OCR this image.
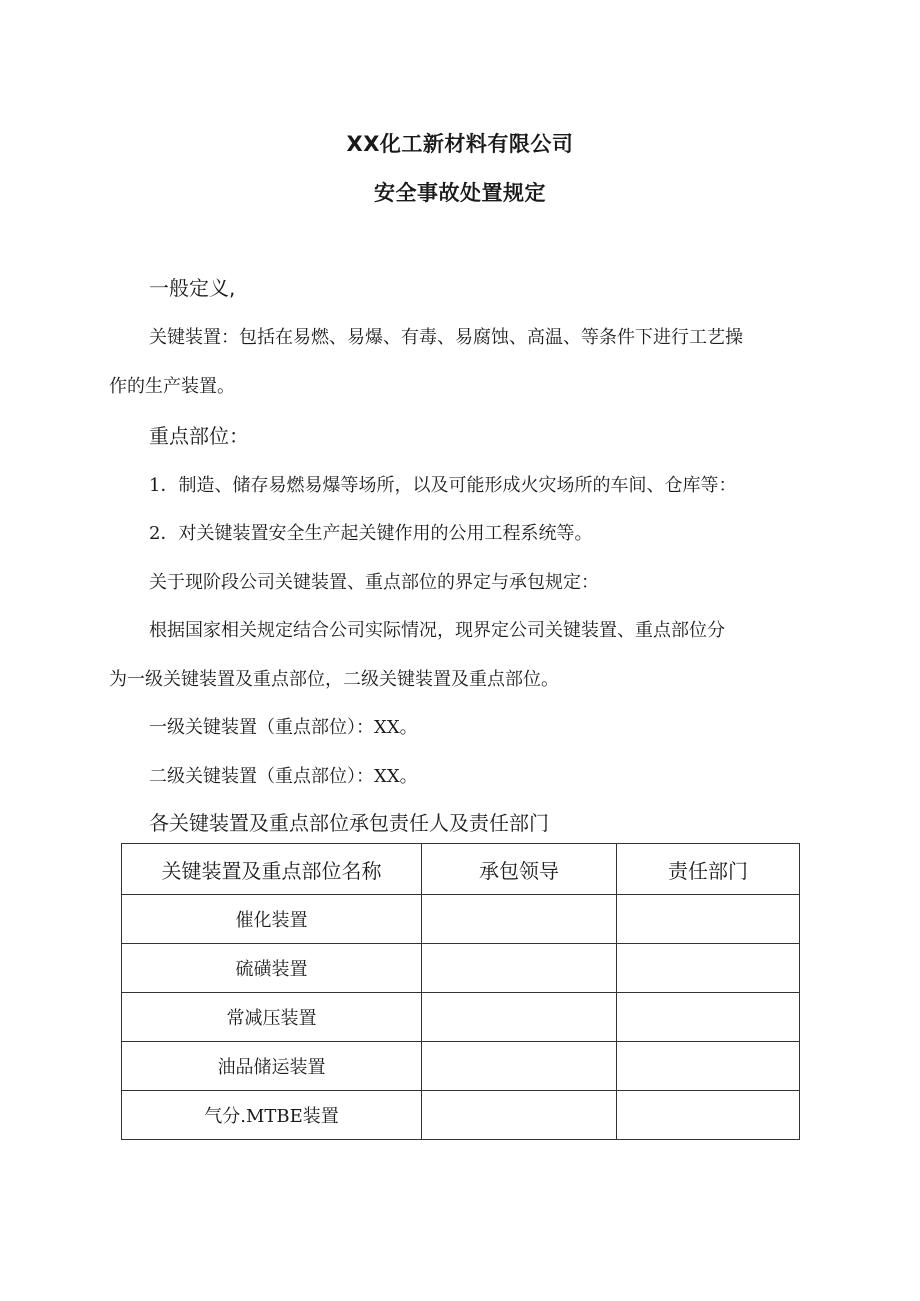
XX化工新材料有限公司
安全事故处置规定

一般定义,

关键装置：包括在易燃、易爆、有毒、易腐蚀、高温、等条件下进行工艺操

作的生产装置。

重点部位：

1．制造、储存易燃易爆等场所，以及可能形成火灾场所的车间、仓库等：

2．对关键装置安全生产起关键作用的公用工程系统等。

关于现阶段公司关键装置、重点部位的界定与承包规定：

根据国家相关规定结合公司实际情况，现界定公司关键装置、重点部位分

为一级关键装置及重点部位，二级关键装置及重点部位。

一级关键装置（重点部位）：XX。

二级关键装置（重点部位）：XX。

各关键装置及重点部位承包责任人及责任部门

关键装置及重点部位名称	承包领导	责任部门
催化装置		
硫磺装置		
常减压装置		
油品储运装置		
气分.MTBE装置		
